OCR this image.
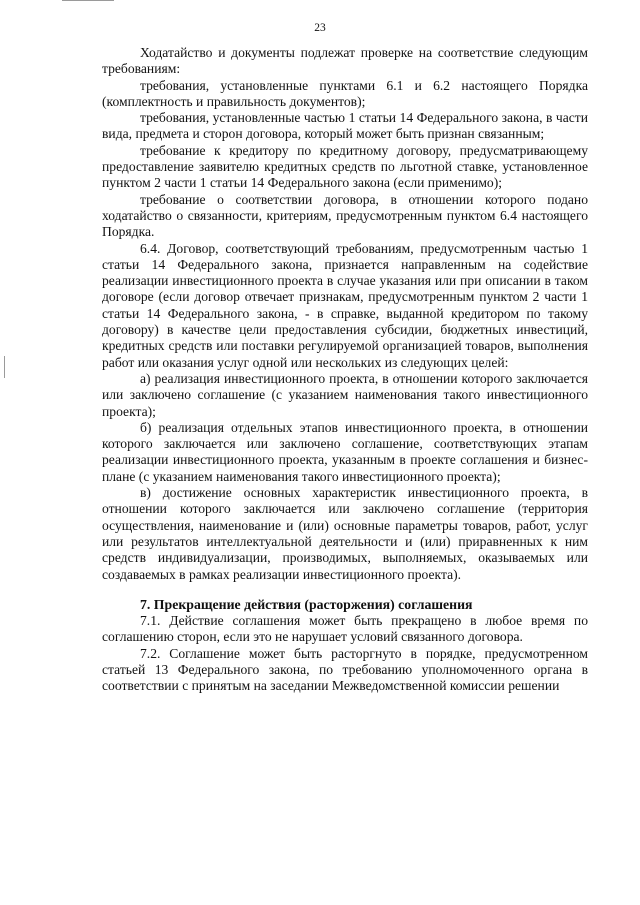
23

Ходатайство и документы подлежат проверке на соответствие следующим требованиям:

требования, установленные пунктами 6.1 и 6.2 настоящего Порядка (комплектность и правильность документов);

требования, установленные частью 1 статьи 14 Федерального закона, в части вида, предмета и сторон договора, который может быть признан связанным;

требование к кредитору по кредитному договору, предусматривающему предоставление заявителю кредитных средств по льготной ставке, установленное пунктом 2 части 1 статьи 14 Федерального закона (если применимо);

требование о соответствии договора, в отношении которого подано ходатайство о связанности, критериям, предусмотренным пунктом 6.4 настоящего Порядка.

6.4. Договор, соответствующий требованиям, предусмотренным частью 1 статьи 14 Федерального закона, признается направленным на содействие реализации инвестиционного проекта в случае указания или при описании в таком договоре (если договор отвечает признакам, предусмотренным пунктом 2 части 1 статьи 14 Федерального закона, - в справке, выданной кредитором по такому договору) в качестве цели предоставления субсидии, бюджетных инвестиций, кредитных средств или поставки регулируемой организацией товаров, выполнения работ или оказания услуг одной или нескольких из следующих целей:

а) реализация инвестиционного проекта, в отношении которого заключается или заключено соглашение (с указанием наименования такого инвестиционного проекта);

б) реализация отдельных этапов инвестиционного проекта, в отношении которого заключается или заключено соглашение, соответствующих этапам реализации инвестиционного проекта, указанным в проекте соглашения и бизнес-плане (с указанием наименования такого инвестиционного проекта);

в) достижение основных характеристик инвестиционного проекта, в отношении которого заключается или заключено соглашение (территория осуществления, наименование и (или) основные параметры товаров, работ, услуг или результатов интеллектуальной деятельности и (или) приравненных к ним средств индивидуализации, производимых, выполняемых, оказываемых или создаваемых в рамках реализации инвестиционного проекта).

7. Прекращение действия (расторжения) соглашения

7.1. Действие соглашения может быть прекращено в любое время по соглашению сторон, если это не нарушает условий связанного договора.

7.2. Соглашение может быть расторгнуто в порядке, предусмотренном статьей 13 Федерального закона, по требованию уполномоченного органа в соответствии с принятым на заседании Межведомственной комиссии решении
